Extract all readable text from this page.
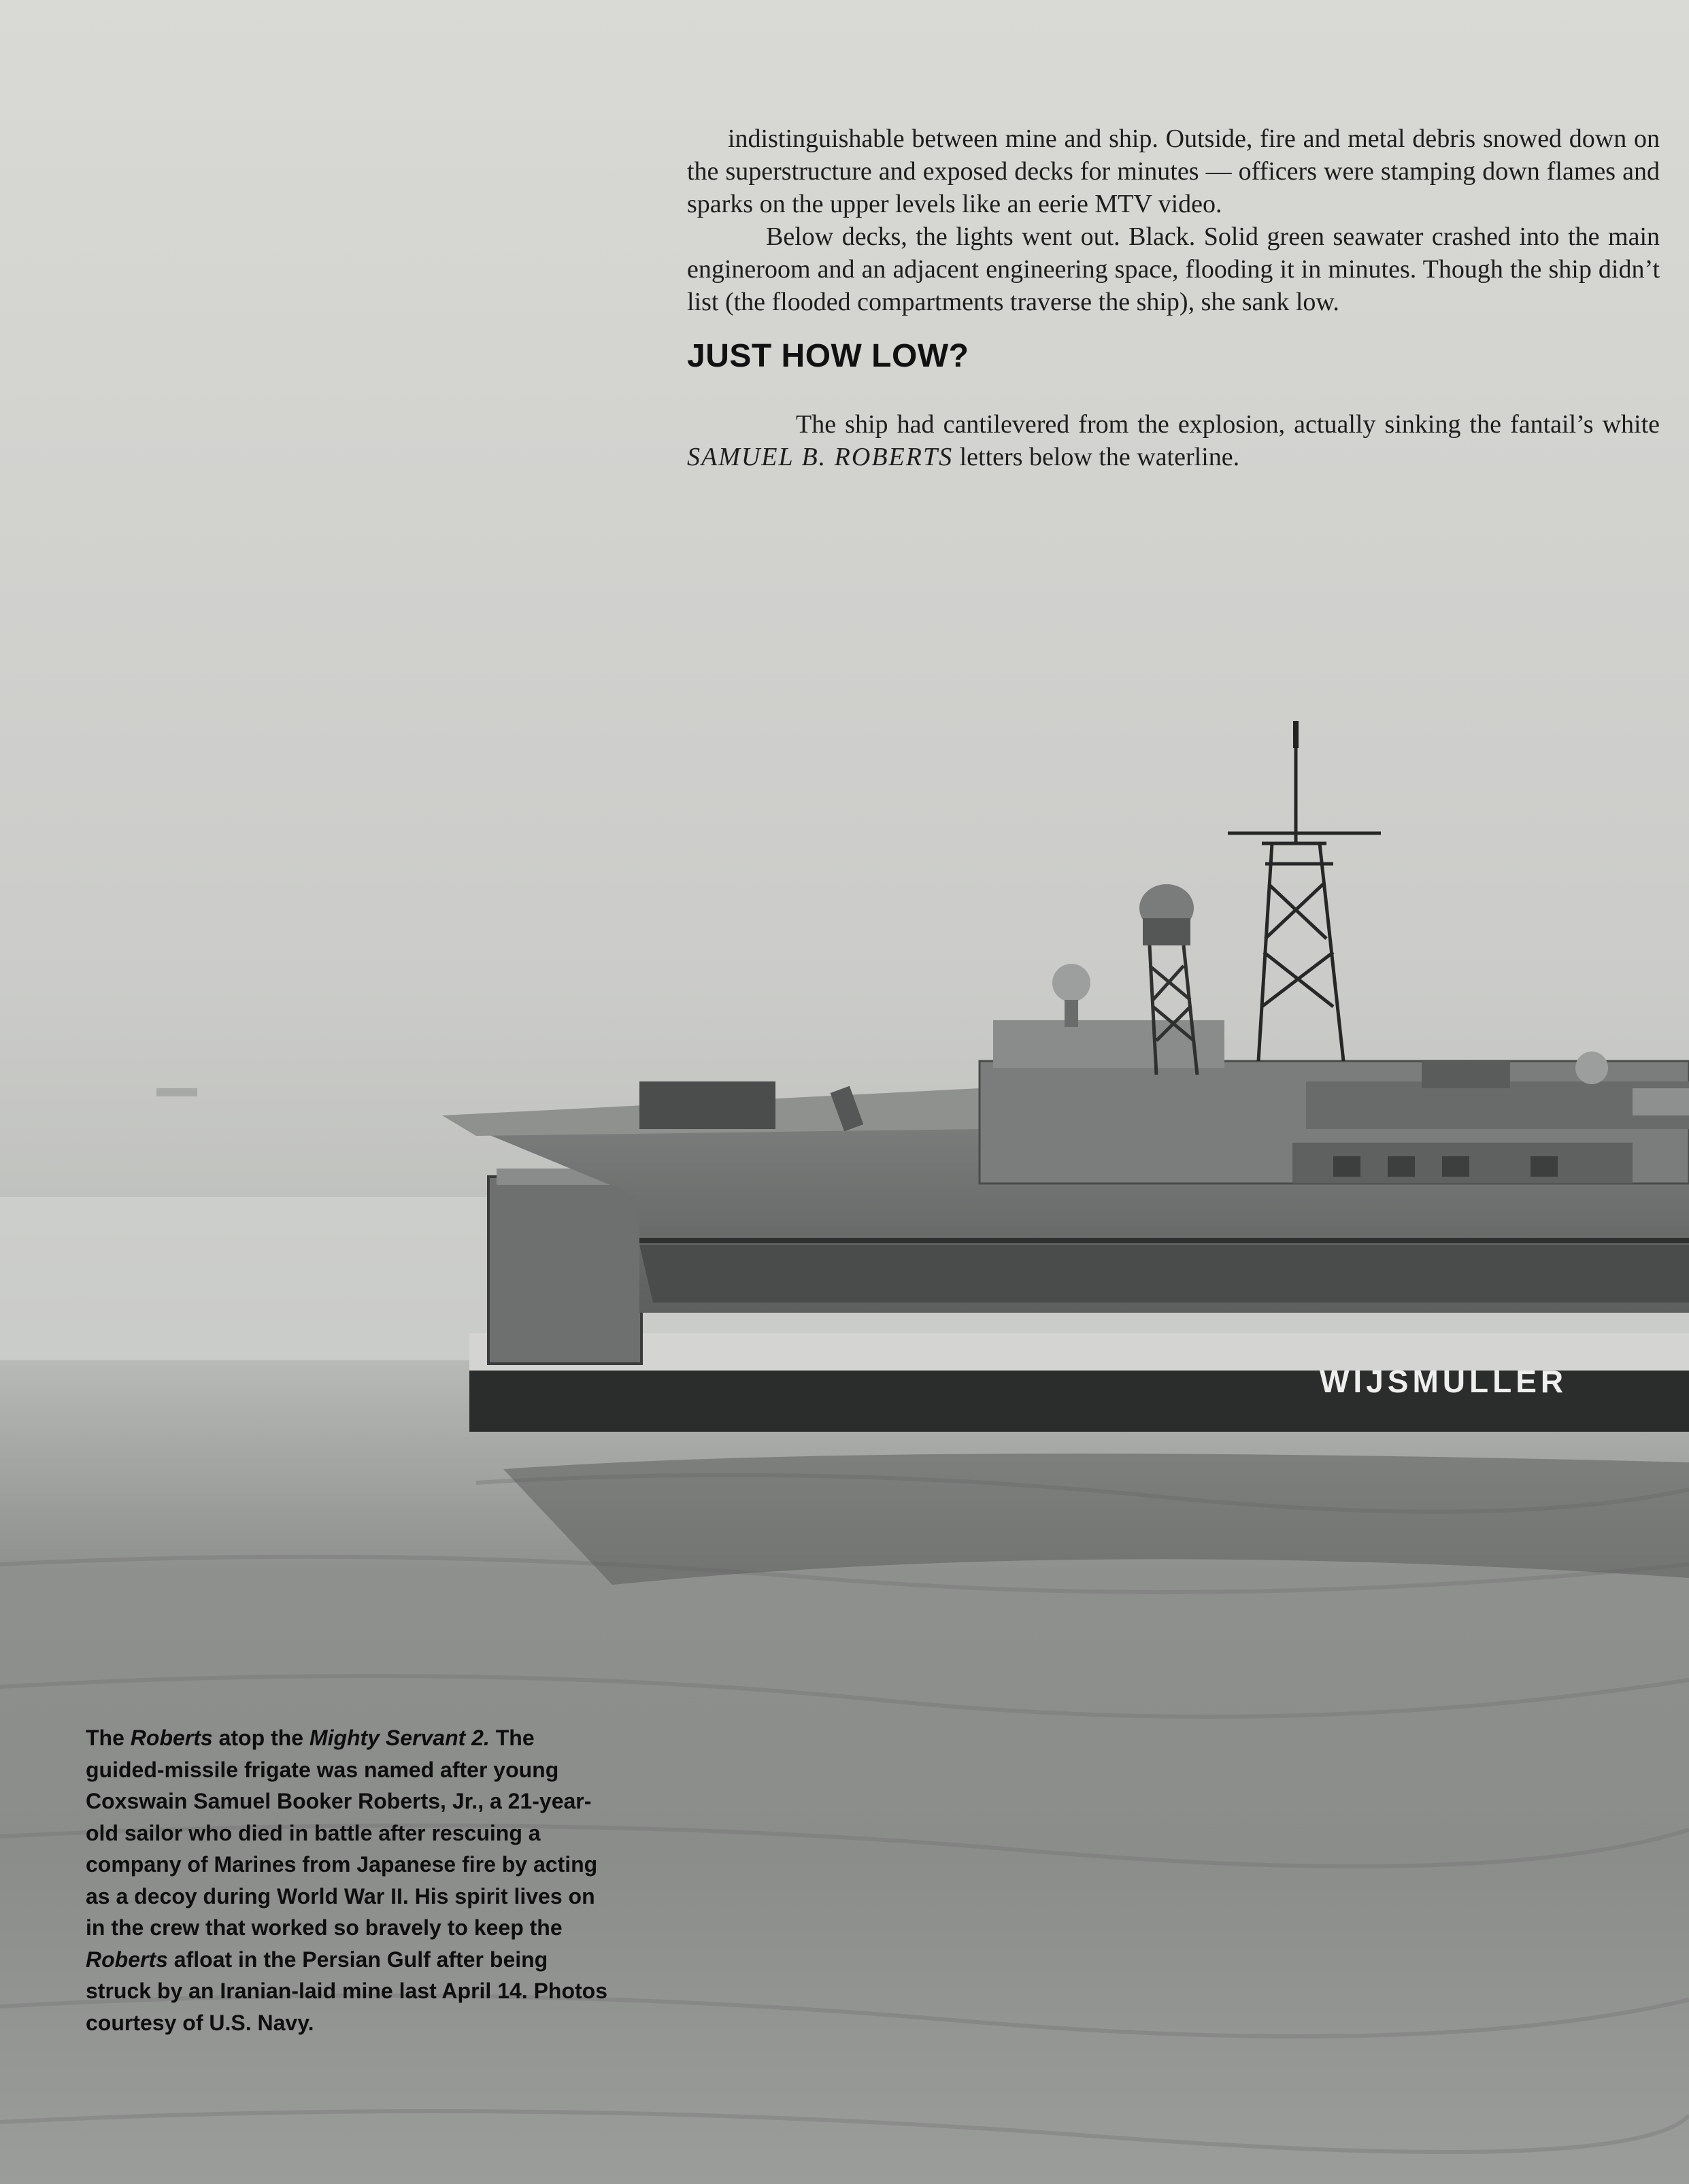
WIJSMULLER

indistinguishable between mine and ship. Outside, fire and metal debris snowed down on the superstructure and exposed decks for minutes — officers were stamping down flames and sparks on the upper levels like an eerie MTV video.

Below decks, the lights went out. Black. Solid green seawater crashed into the main engineroom and an adjacent engineering space, flooding it in minutes. Though the ship didn’t list (the flooded compartments traverse the ship), she sank low.

JUST HOW LOW?

The ship had cantilevered from the explosion, actually sinking the fantail’s white SAMUEL B. ROBERTS letters below the waterline.

The Roberts atop the Mighty Servant 2. The guided-missile frigate was named after young Coxswain Samuel Booker Roberts, Jr., a 21-year-old sailor who died in battle after rescuing a company of Marines from Japanese fire by acting as a decoy during World War II. His spirit lives on in the crew that worked so bravely to keep the Roberts afloat in the Persian Gulf after being struck by an Iranian-laid mine last April 14. Photos courtesy of U.S. Navy.
